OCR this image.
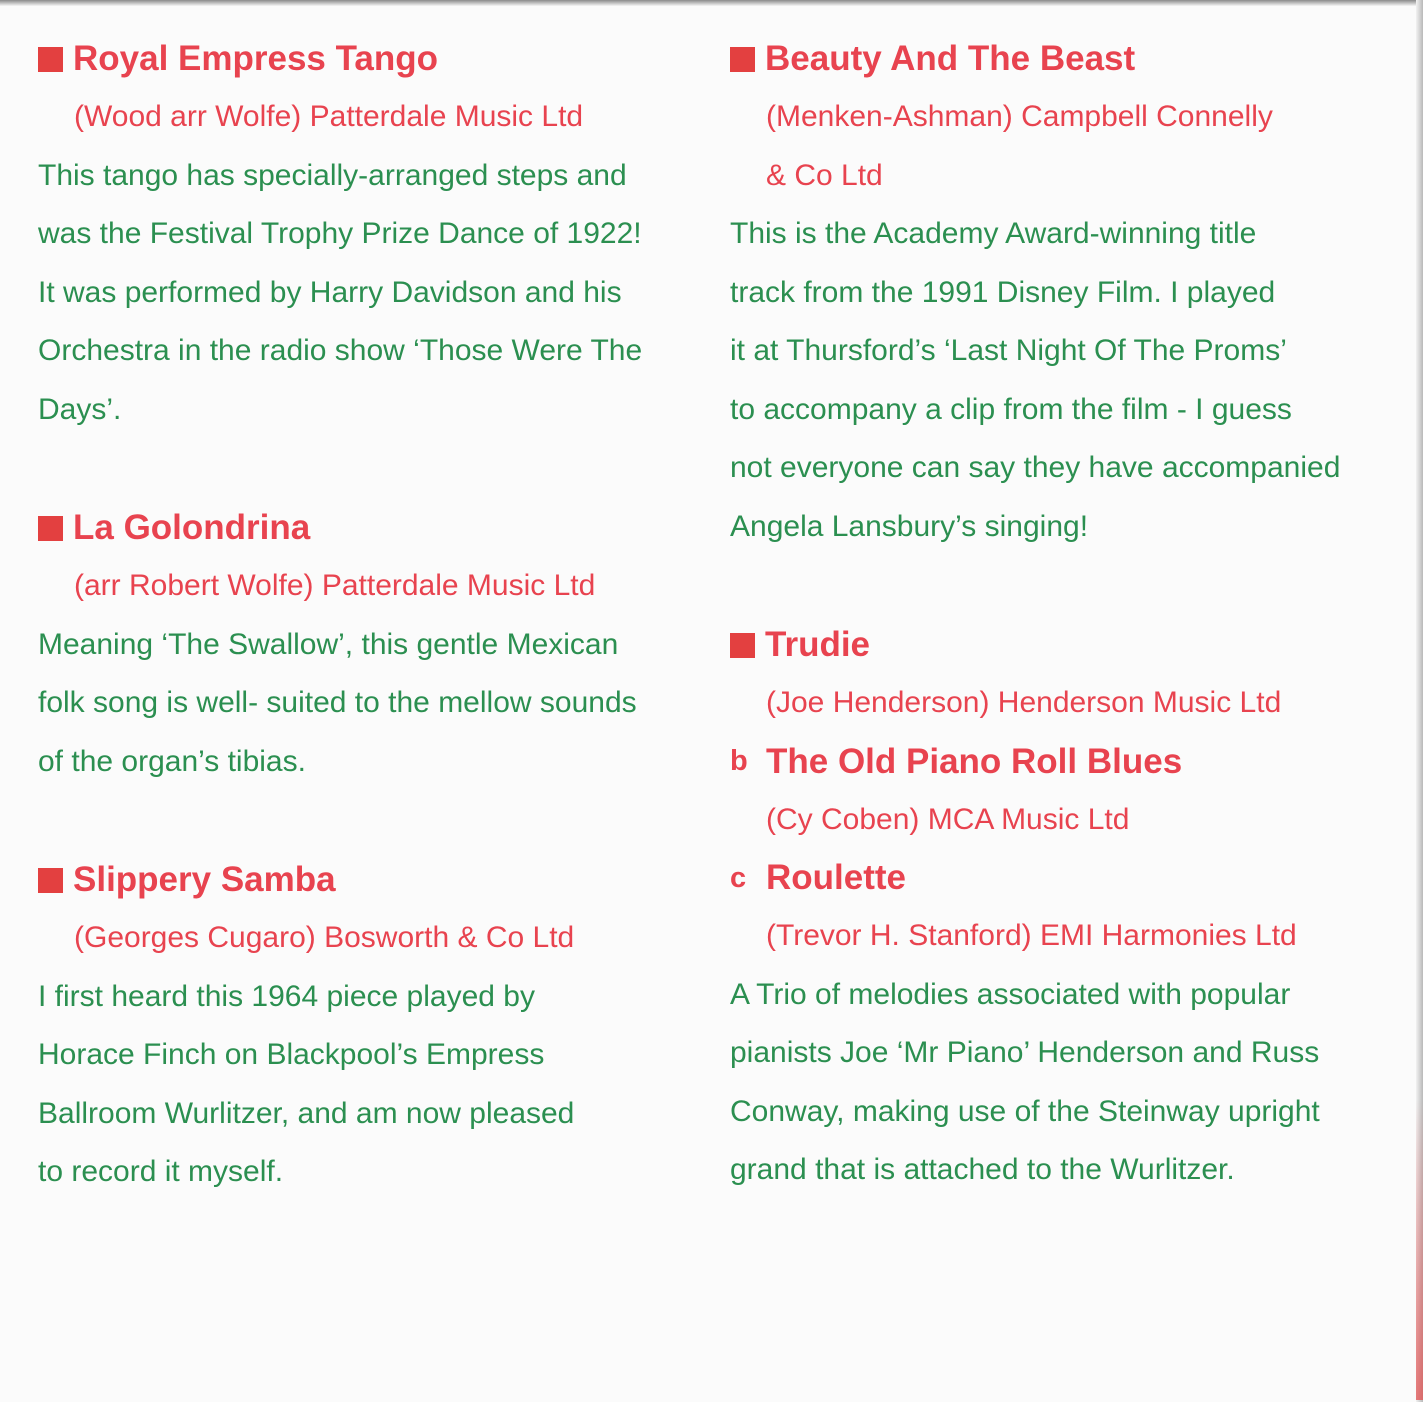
Royal Empress Tango
(Wood arr Wolfe) Patterdale Music Ltd
This tango has specially-arranged steps and
was the Festival Trophy Prize Dance of 1922!
It was performed by Harry Davidson and his
Orchestra in the radio show ‘Those Were The
Days’.
La Golondrina
(arr Robert Wolfe) Patterdale Music Ltd
Meaning ‘The Swallow’, this gentle Mexican
folk song is well- suited to the mellow sounds
of the organ’s tibias.
Slippery Samba
(Georges Cugaro) Bosworth & Co Ltd
I first heard this 1964 piece played by
Horace Finch on Blackpool’s Empress
Ballroom Wurlitzer, and am now pleased
to record it myself.
Beauty And The Beast
(Menken-Ashman) Campbell Connelly
& Co Ltd
This is the Academy Award-winning title
track from the 1991 Disney Film. I played
it at Thursford’s ‘Last Night Of The Proms’
to accompany a clip from the film - I guess
not everyone can say they have accompanied
Angela Lansbury’s singing!
Trudie
(Joe Henderson) Henderson Music Ltd
b The Old Piano Roll Blues
(Cy Coben) MCA Music Ltd
c Roulette
(Trevor H. Stanford) EMI Harmonies Ltd
A Trio of melodies associated with popular
pianists Joe ‘Mr Piano’ Henderson and Russ
Conway, making use of the Steinway upright
grand that is attached to the Wurlitzer.
